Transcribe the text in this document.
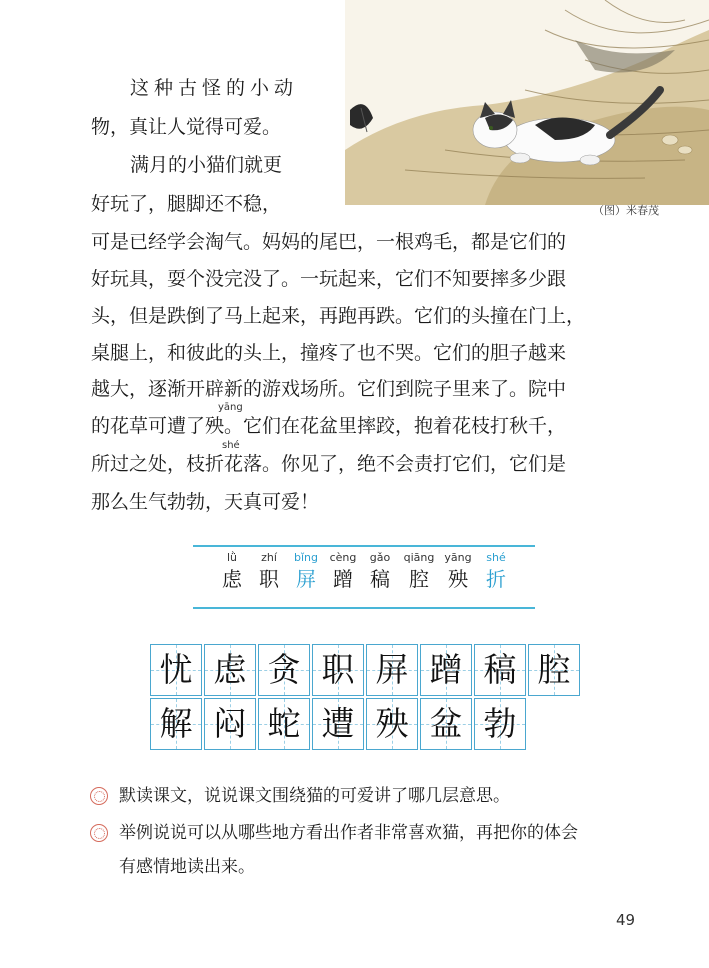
（图）米春茂
这种古怪的小动
物，真让人觉得可爱。
满月的小猫们就更
好玩了，腿脚还不稳，
可是已经学会淘气。妈妈的尾巴，一根鸡毛，都是它们的
好玩具，耍个没完没了。一玩起来，它们不知要摔多少跟
头，但是跌倒了马上起来，再跑再跌。它们的头撞在门上，
桌腿上，和彼此的头上，撞疼了也不哭。它们的胆子越来
越大，逐渐开辟新的游戏场所。它们到院子里来了。院中
yāng
的花草可遭了殃。它们在花盆里摔跤，抱着花枝打秋千，
shé
所过之处，枝折花落。你见了，绝不会责打它们，它们是
那么生气勃勃，天真可爱！
lǜ
虑
zhí
职
bǐng
屏
cèng
蹭
gǎo
稿
qiāng
腔
yāng
殃
shé
折
忧 虑 贪 职 屏 蹭 稿 腔
解 闷 蛇 遭 殃 盆 勃
默读课文，说说课文围绕猫的可爱讲了哪几层意思。
举例说说可以从哪些地方看出作者非常喜欢猫，再把你的体会
有感情地读出来。
49
